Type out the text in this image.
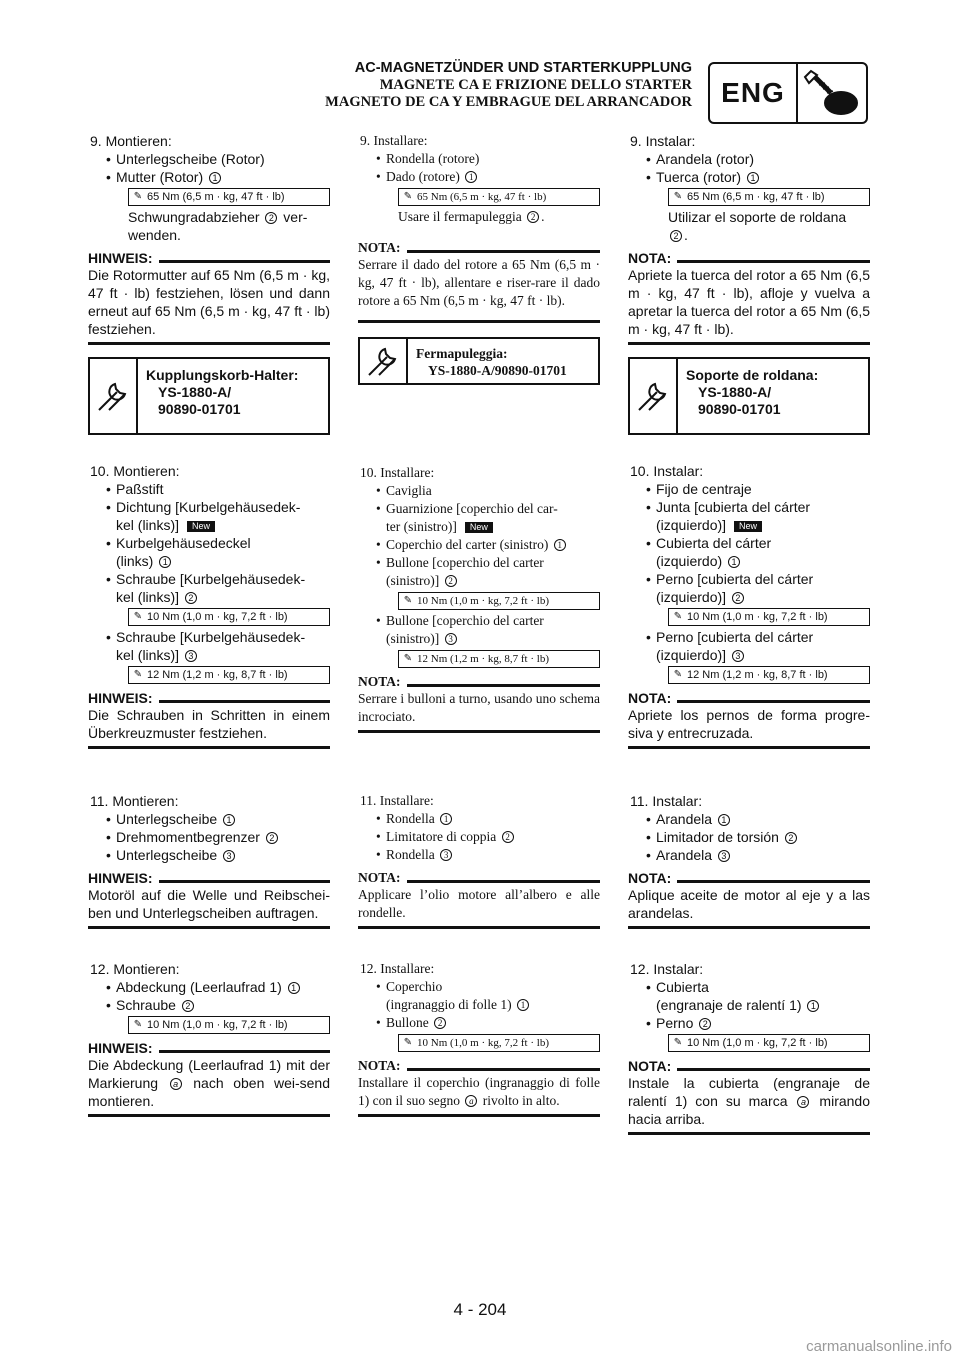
AC-MAGNETZÜNDER UND STARTERKUPPLUNG
MAGNETE CA E FRIZIONE DELLO STARTER
MAGNETO DE CA Y EMBRAGUE DEL ARRANCADOR	ENG
9. Montieren:
• Unterlegscheibe (Rotor)
• Mutter (Rotor) 1
✎ 65 Nm (6,5 m · kg, 47 ft · lb)
Schwungradabzieher 2 ver-
wenden.
HINWEIS:
Die Rotormutter auf 65 Nm (6,5 m · kg, 47 ft · lb) festziehen, lösen und dann erneut auf 65 Nm (6,5 m · kg, 47 ft · lb) festziehen.
Kupplungskorb-Halter:
YS-1880-A/
90890-01701
10. Montieren:
• Paßstift
• Dichtung [Kurbelgehäusedek-
kel (links)] New
• Kurbelgehäusedeckel
(links) 1
• Schraube [Kurbelgehäusedek-
kel (links)] 2
✎ 10 Nm (1,0 m · kg, 7,2 ft · lb)
• Schraube [Kurbelgehäusedek-
kel (links)] 3
✎ 12 Nm (1,2 m · kg, 8,7 ft · lb)
HINWEIS:
Die Schrauben in Schritten in einem Überkreuzmuster festziehen.
11. Montieren:
• Unterlegscheibe 1
• Drehmomentbegrenzer 2
• Unterlegscheibe 3
HINWEIS:
Motoröl auf die Welle und Reibschei-ben und Unterlegscheiben auftragen.
12. Montieren:
• Abdeckung (Leerlaufrad 1) 1
• Schraube 2
✎ 10 Nm (1,0 m · kg, 7,2 ft · lb)
HINWEIS:
Die Abdeckung (Leerlaufrad 1) mit der Markierung a nach oben wei-send montieren.
9. Installare:
• Rondella (rotore)
• Dado (rotore) 1
✎ 65 Nm (6,5 m · kg, 47 ft · lb)
Usare il fermapuleggia 2 .
NOTA:
Serrare il dado del rotore a 65 Nm (6,5 m · kg, 47 ft · lb), allentare e riser-rare il dado rotore a 65 Nm (6,5 m · kg, 47 ft · lb).
Fermapuleggia:
YS-1880-A/90890-01701
10. Installare:
• Caviglia
• Guarnizione [coperchio del car-
ter (sinistro)] New
• Coperchio del carter (sinistro) 1
• Bullone [coperchio del carter
(sinistro)] 2
✎ 10 Nm (1,0 m · kg, 7,2 ft · lb)
• Bullone [coperchio del carter
(sinistro)] 3
✎ 12 Nm (1,2 m · kg, 8,7 ft · lb)
NOTA:
Serrare i bulloni a turno, usando uno schema incrociato.
11. Installare:
• Rondella 1
• Limitatore di coppia 2
• Rondella 3
NOTA:
Applicare l’olio motore all’albero e alle rondelle.
12. Installare:
• Coperchio
(ingranaggio di folle 1) 1
• Bullone 2
✎ 10 Nm (1,0 m · kg, 7,2 ft · lb)
NOTA:
Installare il coperchio (ingranaggio di folle 1) con il suo segno a rivolto in alto.
9. Instalar:
• Arandela (rotor)
• Tuerca (rotor) 1
✎ 65 Nm (6,5 m · kg, 47 ft · lb)
Utilizar el soporte de roldana
2 .
NOTA:
Apriete la tuerca del rotor a 65 Nm (6,5 m · kg, 47 ft · lb), afloje y vuelva a apretar la tuerca del rotor a 65 Nm (6,5 m · kg, 47 ft · lb).
Soporte de roldana:
YS-1880-A/
90890-01701
10. Instalar:
• Fijo de centraje
• Junta [cubierta del cárter
(izquierdo)] New
• Cubierta del cárter
(izquierdo) 1
• Perno [cubierta del cárter
(izquierdo)] 2
✎ 10 Nm (1,0 m · kg, 7,2 ft · lb)
• Perno [cubierta del cárter
(izquierdo)] 3
✎ 12 Nm (1,2 m · kg, 8,7 ft · lb)
NOTA:
Apriete los pernos de forma progre-siva y entrecruzada.
11. Instalar:
• Arandela 1
• Limitador de torsión 2
• Arandela 3
NOTA:
Aplique aceite de motor al eje y a las arandelas.
12. Instalar:
• Cubierta
(engranaje de ralentí 1) 1
• Perno 2
✎ 10 Nm (1,0 m · kg, 7,2 ft · lb)
NOTA:
Instale la cubierta (engranaje de ralentí 1) con su marca a mirando hacia arriba.
4 - 204
carmanualsonline.info
